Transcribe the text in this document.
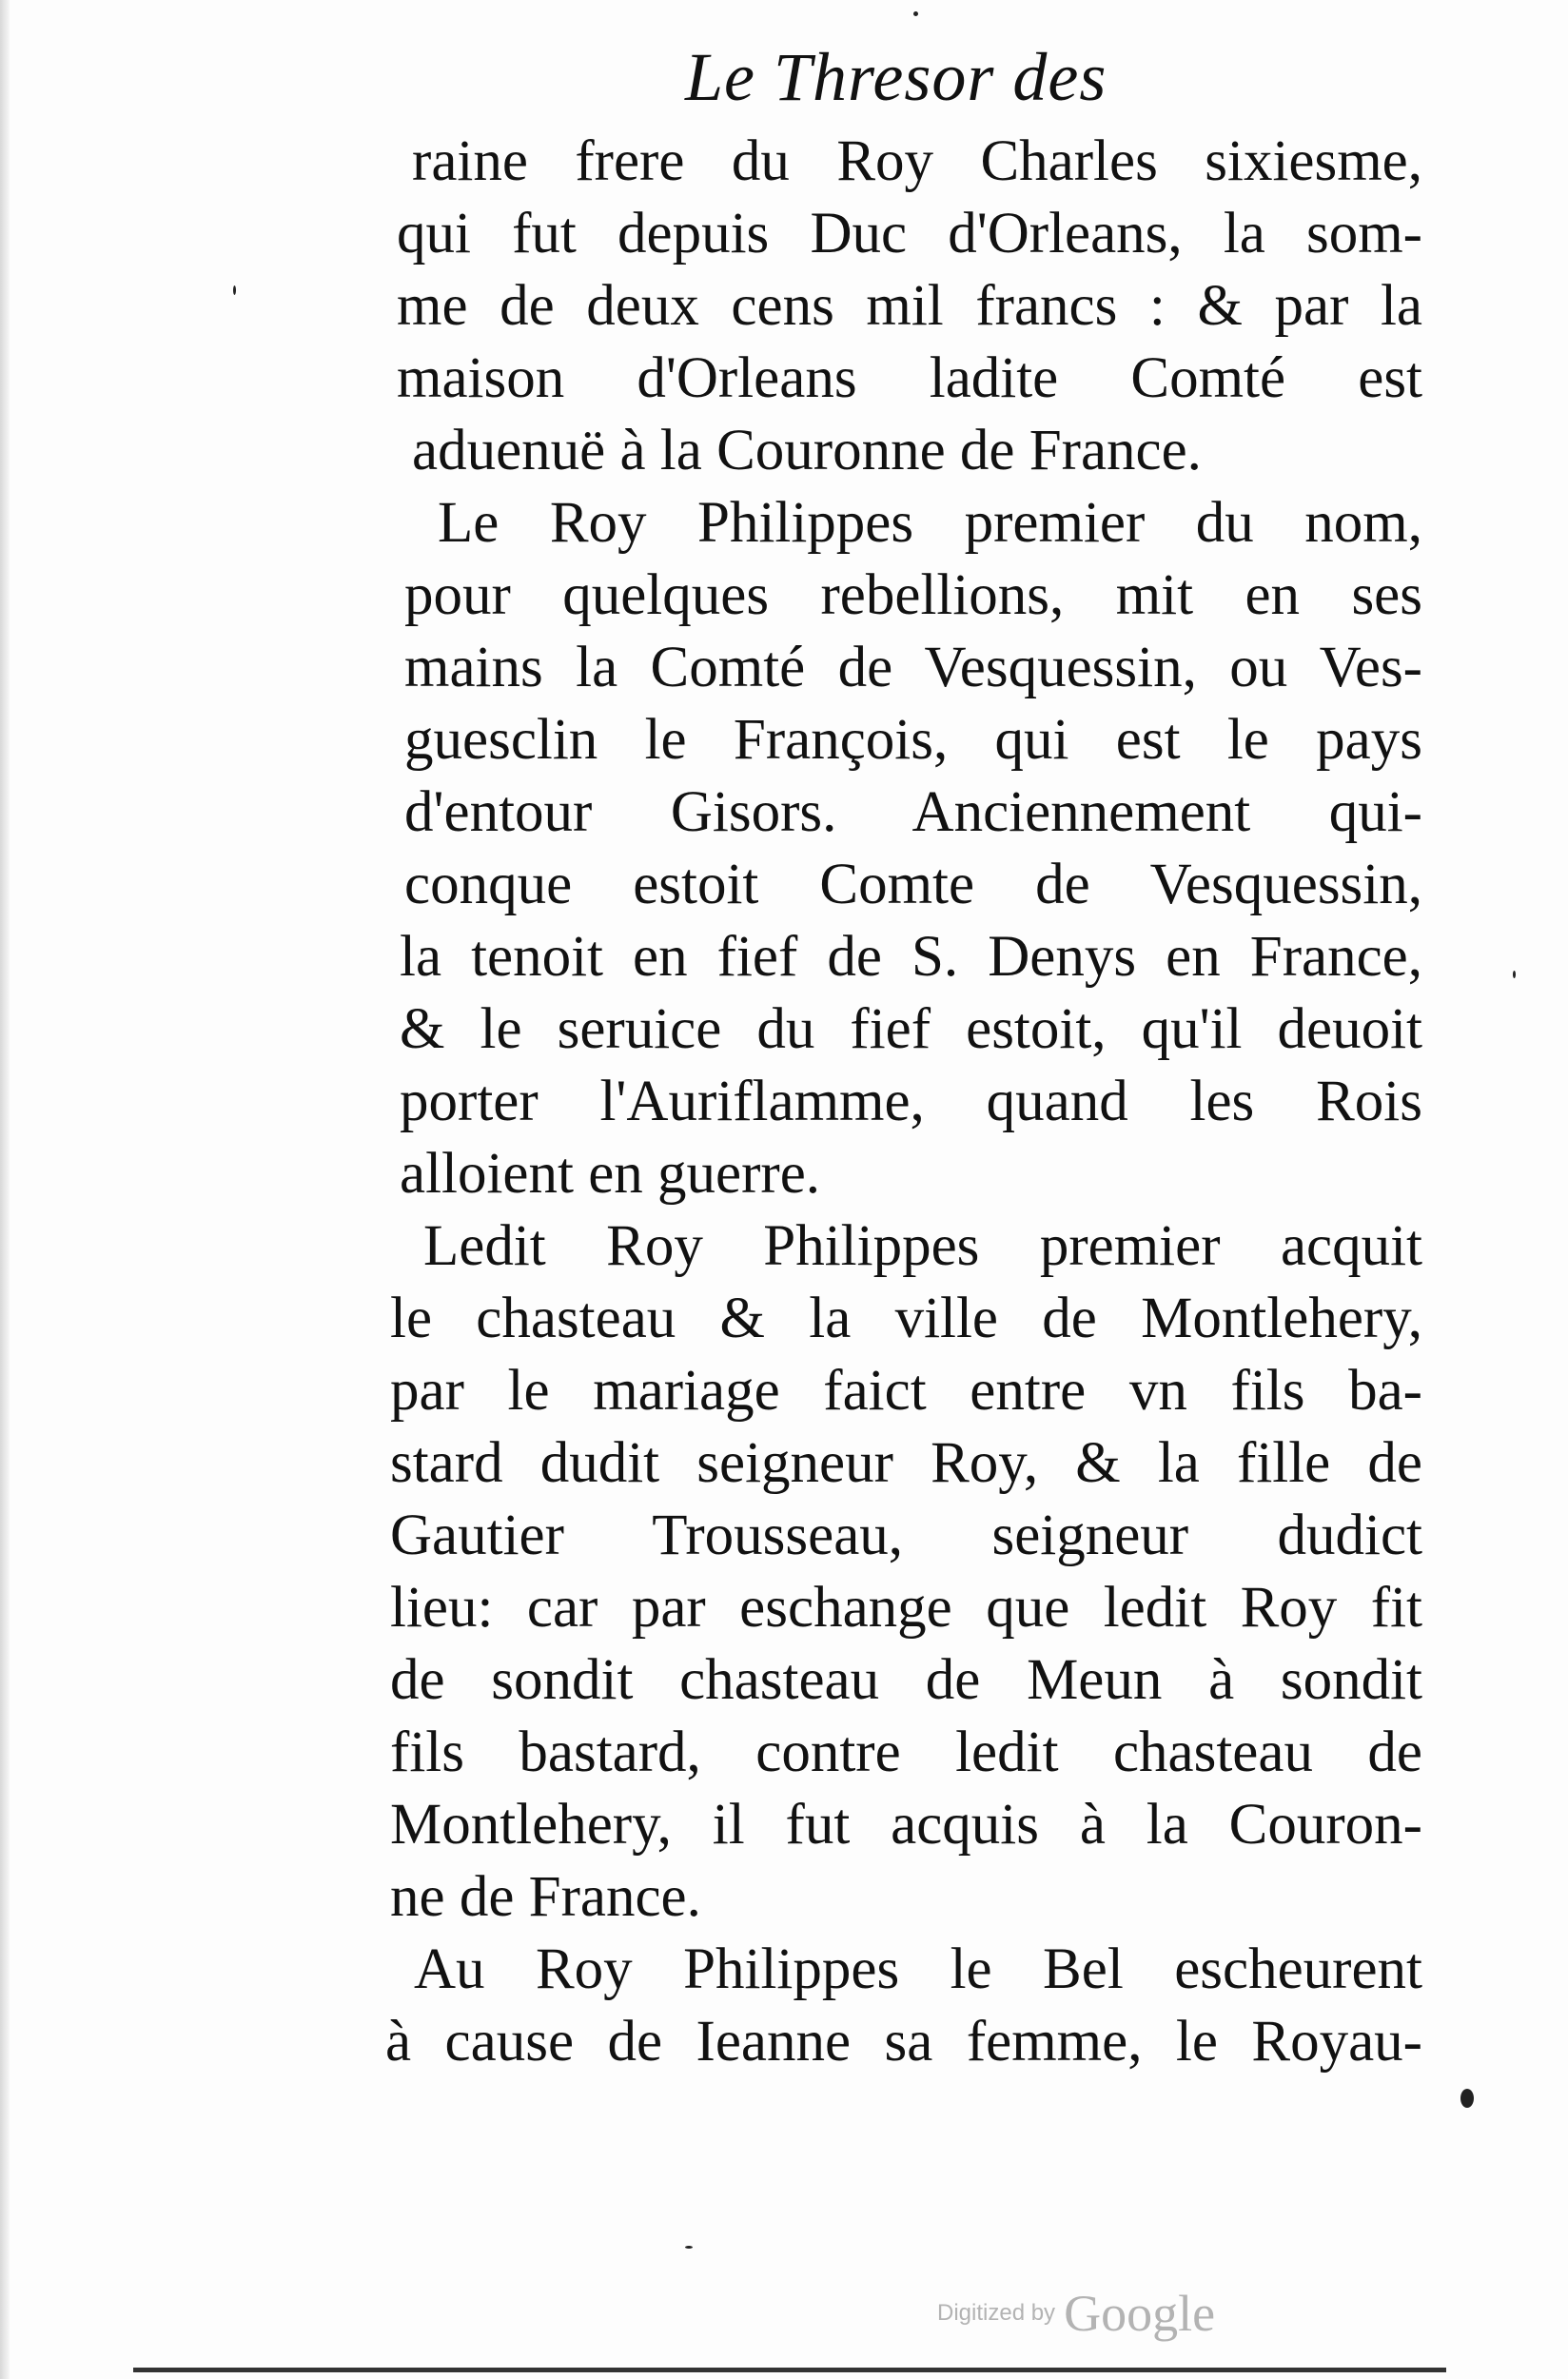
Le Thresor des
raine frere du Roy Charles sixiesme,
qui fut depuis Duc d'Orleans, la som-
me de deux cens mil francs : & par la
maison d'Orleans ladite Comté est
aduenuë à la Couronne de France.
Le Roy Philippes premier du nom,
pour quelques rebellions, mit en ses
mains la Comté de Vesquessin, ou Ves-
guesclin le François, qui est le pays
d'entour Gisors. Anciennement qui-
conque estoit Comte de Vesquessin,
la tenoit en fief de S. Denys en France,
& le seruice du fief estoit, qu'il deuoit
porter l'Auriflamme, quand les Rois
alloient en guerre.
Ledit Roy Philippes premier acquit
le chasteau & la ville de Montlehery,
par le mariage faict entre vn fils ba-
stard dudit seigneur Roy, & la fille de
Gautier Trousseau, seigneur dudict
lieu: car par eschange que ledit Roy fit
de sondit chasteau de Meun à sondit
fils bastard, contre ledit chasteau de
Montlehery, il fut acquis à la Couron-
ne de France.
Au Roy Philippes le Bel escheurent
à cause de Ieanne sa femme, le Royau-
Digitized by Google
